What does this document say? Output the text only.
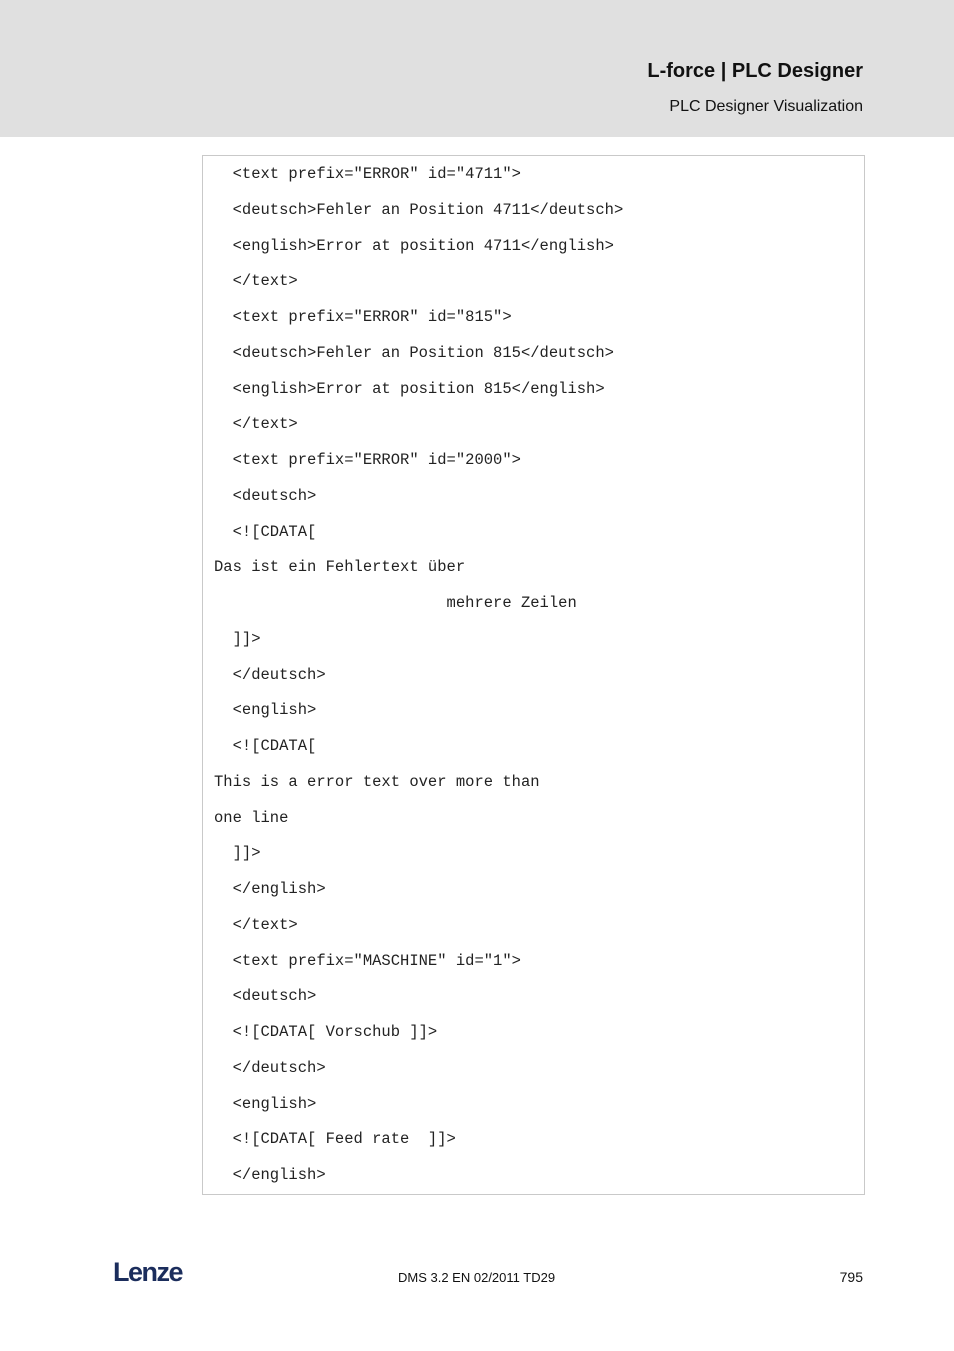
L-force | PLC Designer
PLC Designer Visualization
<text prefix="ERROR" id="4711">
<deutsch>Fehler an Position 4711</deutsch>
<english>Error at position 4711</english>
</text>
<text prefix="ERROR" id="815">
<deutsch>Fehler an Position 815</deutsch>
<english>Error at position 815</english>
</text>
<text prefix="ERROR" id="2000">
<deutsch>
<![CDATA[
Das ist ein Fehlertext über
mehrere Zeilen
]]>
</deutsch>
<english>
<![CDATA[
This is a error text over more than
one line
]]>
</english>
</text>
<text prefix="MASCHINE" id="1">
<deutsch>
<![CDATA[ Vorschub ]]>
</deutsch>
<english>
<![CDATA[ Feed rate  ]]>
</english>
Lenze	DMS 3.2 EN 02/2011 TD29	795
